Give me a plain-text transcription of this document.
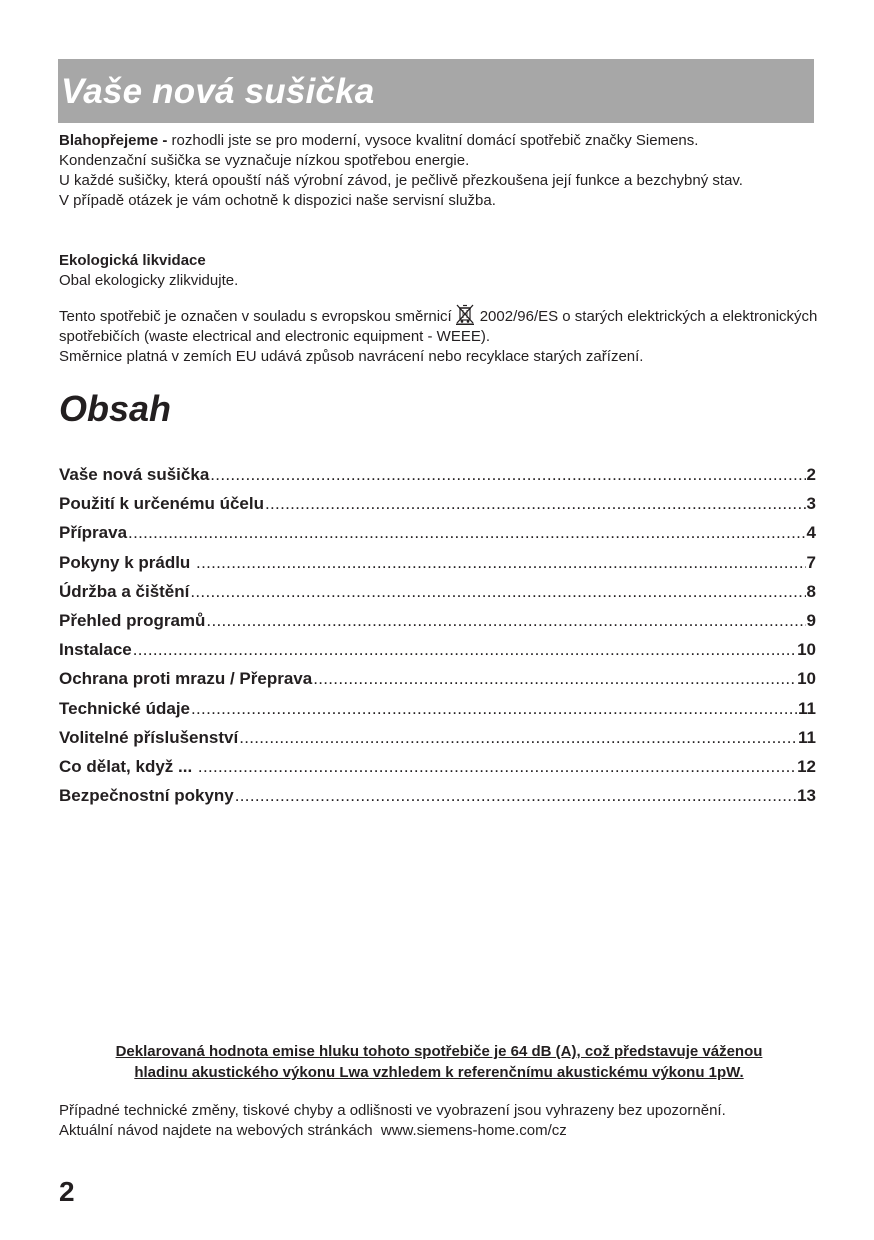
Vaše nová sušička

Blahopřejeme - rozhodli jste se pro moderní, vysoce kvalitní domácí spotřebič značky Siemens.

Kondenzační sušička se vyznačuje nízkou spotřebou energie.

U každé sušičky, která opouští náš výrobní závod, je pečlivě přezkoušena její funkce a bezchybný stav.

V případě otázek je vám ochotně k dispozici naše servisní služba.

Ekologická likvidace

Obal ekologicky zlikvidujte.

Tento spotřebič je označen v souladu s evropskou směrnicí 2002/96/ES o starých elektrických a elektronických spotřebičích (waste electrical and electronic equipment - WEEE).

Směrnice platná v zemích EU udává způsob navrácení nebo recyklace starých zařízení.

Obsah
Vaše nová sušička .....	2
Použití k určenému účelu .....	3
Příprava .....	4
Pokyny k prádlu .....	7
Údržba a čištění .....	8
Přehled programů .....	9
Instalace .....	10
Ochrana proti mrazu / Přeprava .....	10
Technické údaje .....	11
Volitelné příslušenství .....	11
Co dělat, když ... .....	12
Bezpečnostní pokyny .....	13
Deklarovaná hodnota emise hluku tohoto spotřebiče je 64 dB (A), což představuje váženou
hladinu akustického výkonu Lwa vzhledem k referenčnímu akustickému výkonu 1pW.

Případné technické změny, tiskové chyby a odlišnosti ve vyobrazení jsou vyhrazeny bez upozornění.

Aktuální návod najdete na webových stránkách  www.siemens-home.com/cz

2
